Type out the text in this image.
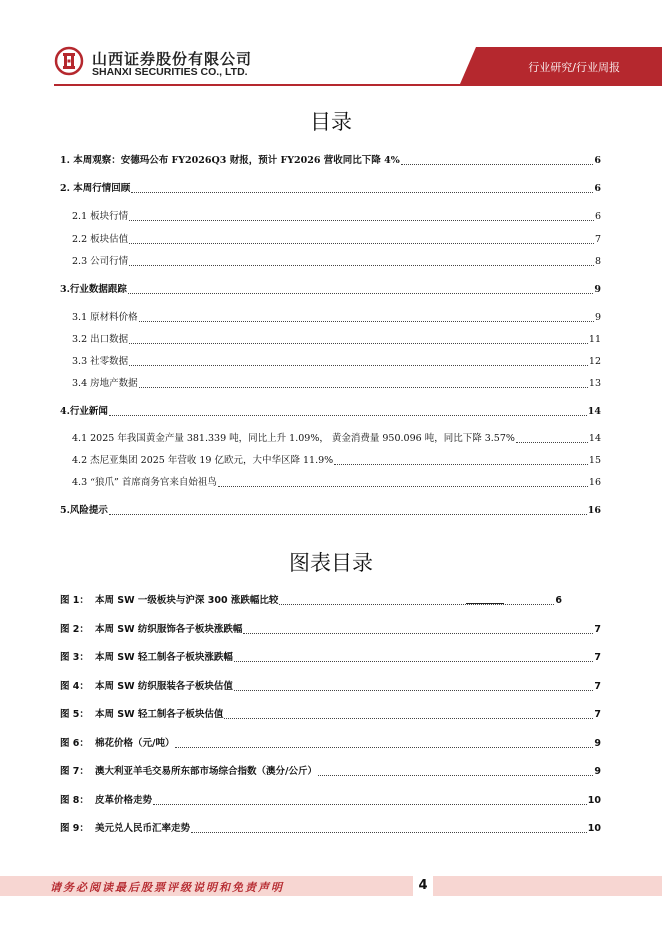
山西证券股份有限公司
SHANXI SECURITIES CO., LTD.	行业研究/行业周报
目录
1. 本周观察：安德玛公布 FY2026Q3 财报，预计 FY2026 营收同比下降 4%	6
2. 本周行情回顾	6
2.1 板块行情	6
2.2 板块估值	7
2.3 公司行情	8
3.行业数据跟踪	9
3.1 原材料价格	9
3.2 出口数据	11
3.3 社零数据	12
3.4 房地产数据	13
4.行业新闻	14
4.1 2025 年我国黄金产量 381.339 吨，同比上升 1.09%， 黄金消费量 950.096 吨，同比下降 3.57%	14
4.2 杰尼亚集团 2025 年营收 19 亿欧元，大中华区降 11.9%	15
4.3 “狼爪” 首席商务官来自始祖鸟	16
5.风险提示	16
图表目录
图 1： 本周 SW 一级板块与沪深 300 涨跌幅比较	6
图 2： 本周 SW 纺织服饰各子板块涨跌幅	7
图 3： 本周 SW 轻工制各子板块涨跌幅	7
图 4： 本周 SW 纺织服装各子板块估值	7
图 5： 本周 SW 轻工制各子板块估值	7
图 6： 棉花价格（元/吨）	9
图 7： 澳大利亚羊毛交易所东部市场综合指数（澳分/公斤）	9
图 8： 皮革价格走势	10
图 9： 美元兑人民币汇率走势	10
请务必阅读最后股票评级说明和免责声明	4
